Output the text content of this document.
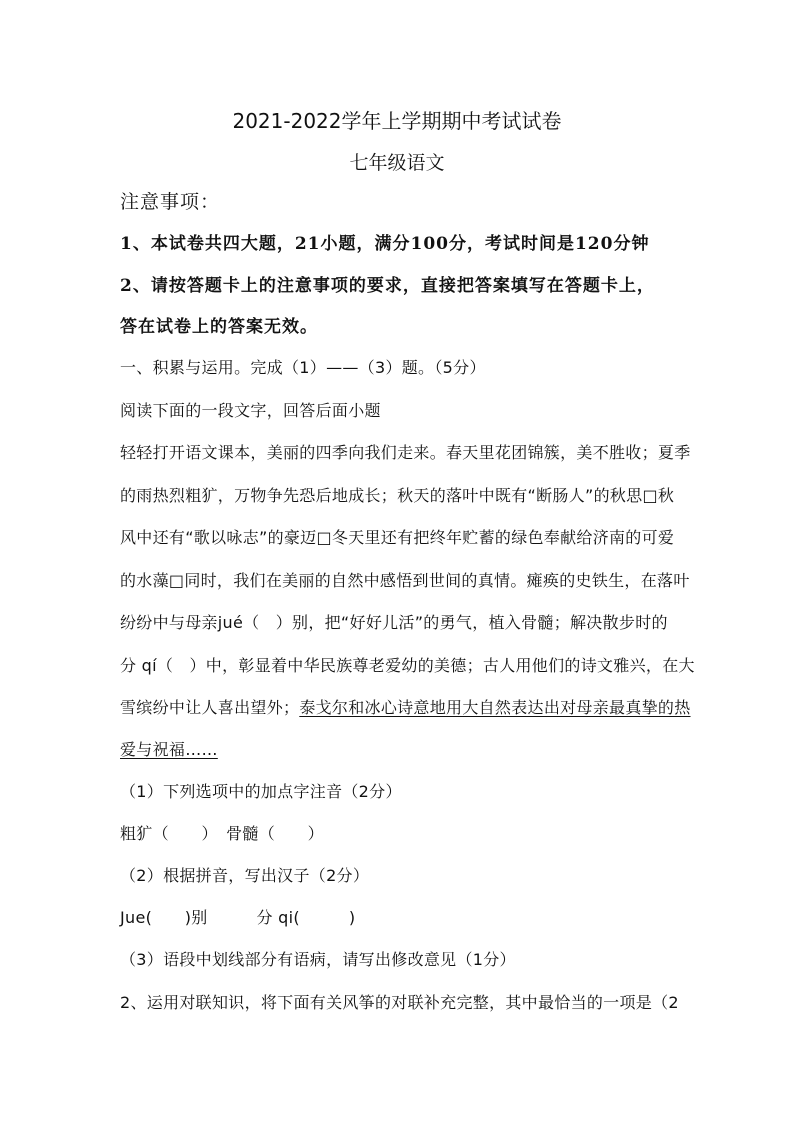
2021-2022学年上学期期中考试试卷
七年级语文
注意事项：
1、本试卷共四大题，21小题，满分100分，考试时间是120分钟
2、请按答题卡上的注意事项的要求，直接把答案填写在答题卡上，
答在试卷上的答案无效。
一、积累与运用。完成（1）——（3）题。（5分）
阅读下面的一段文字，回答后面小题
轻轻打开语文课本，美丽的四季向我们走来。春天里花团锦簇，美不胜收；夏季
的雨热烈粗犷，万物争先恐后地成长；秋天的落叶中既有“断肠人”的秋思□秋
风中还有“歌以咏志”的豪迈□冬天里还有把终年贮蓄的绿色奉献给济南的可爱
的水藻□同时，我们在美丽的自然中感悟到世间的真情。瘫痪的史铁生，在落叶
纷纷中与母亲jué（　）别，把“好好儿活”的勇气，植入骨髓；解决散步时的
分 qí（　）中，彰显着中华民族尊老爱幼的美德；古人用他们的诗文雅兴，在大
雪缤纷中让人喜出望外；泰戈尔和冰心诗意地用大自然表达出对母亲最真挚的热
爱与祝福……
（1）下列选项中的加点字注音（2分）
粗犷（　　）　骨髓（　　）
（2）根据拼音，写出汉子（2分）
Jue(　　)别　　　分 qi(　　　)
（3）语段中划线部分有语病，请写出修改意见（1分）
2、运用对联知识，将下面有关风筝的对联补充完整，其中最恰当的一项是（2
